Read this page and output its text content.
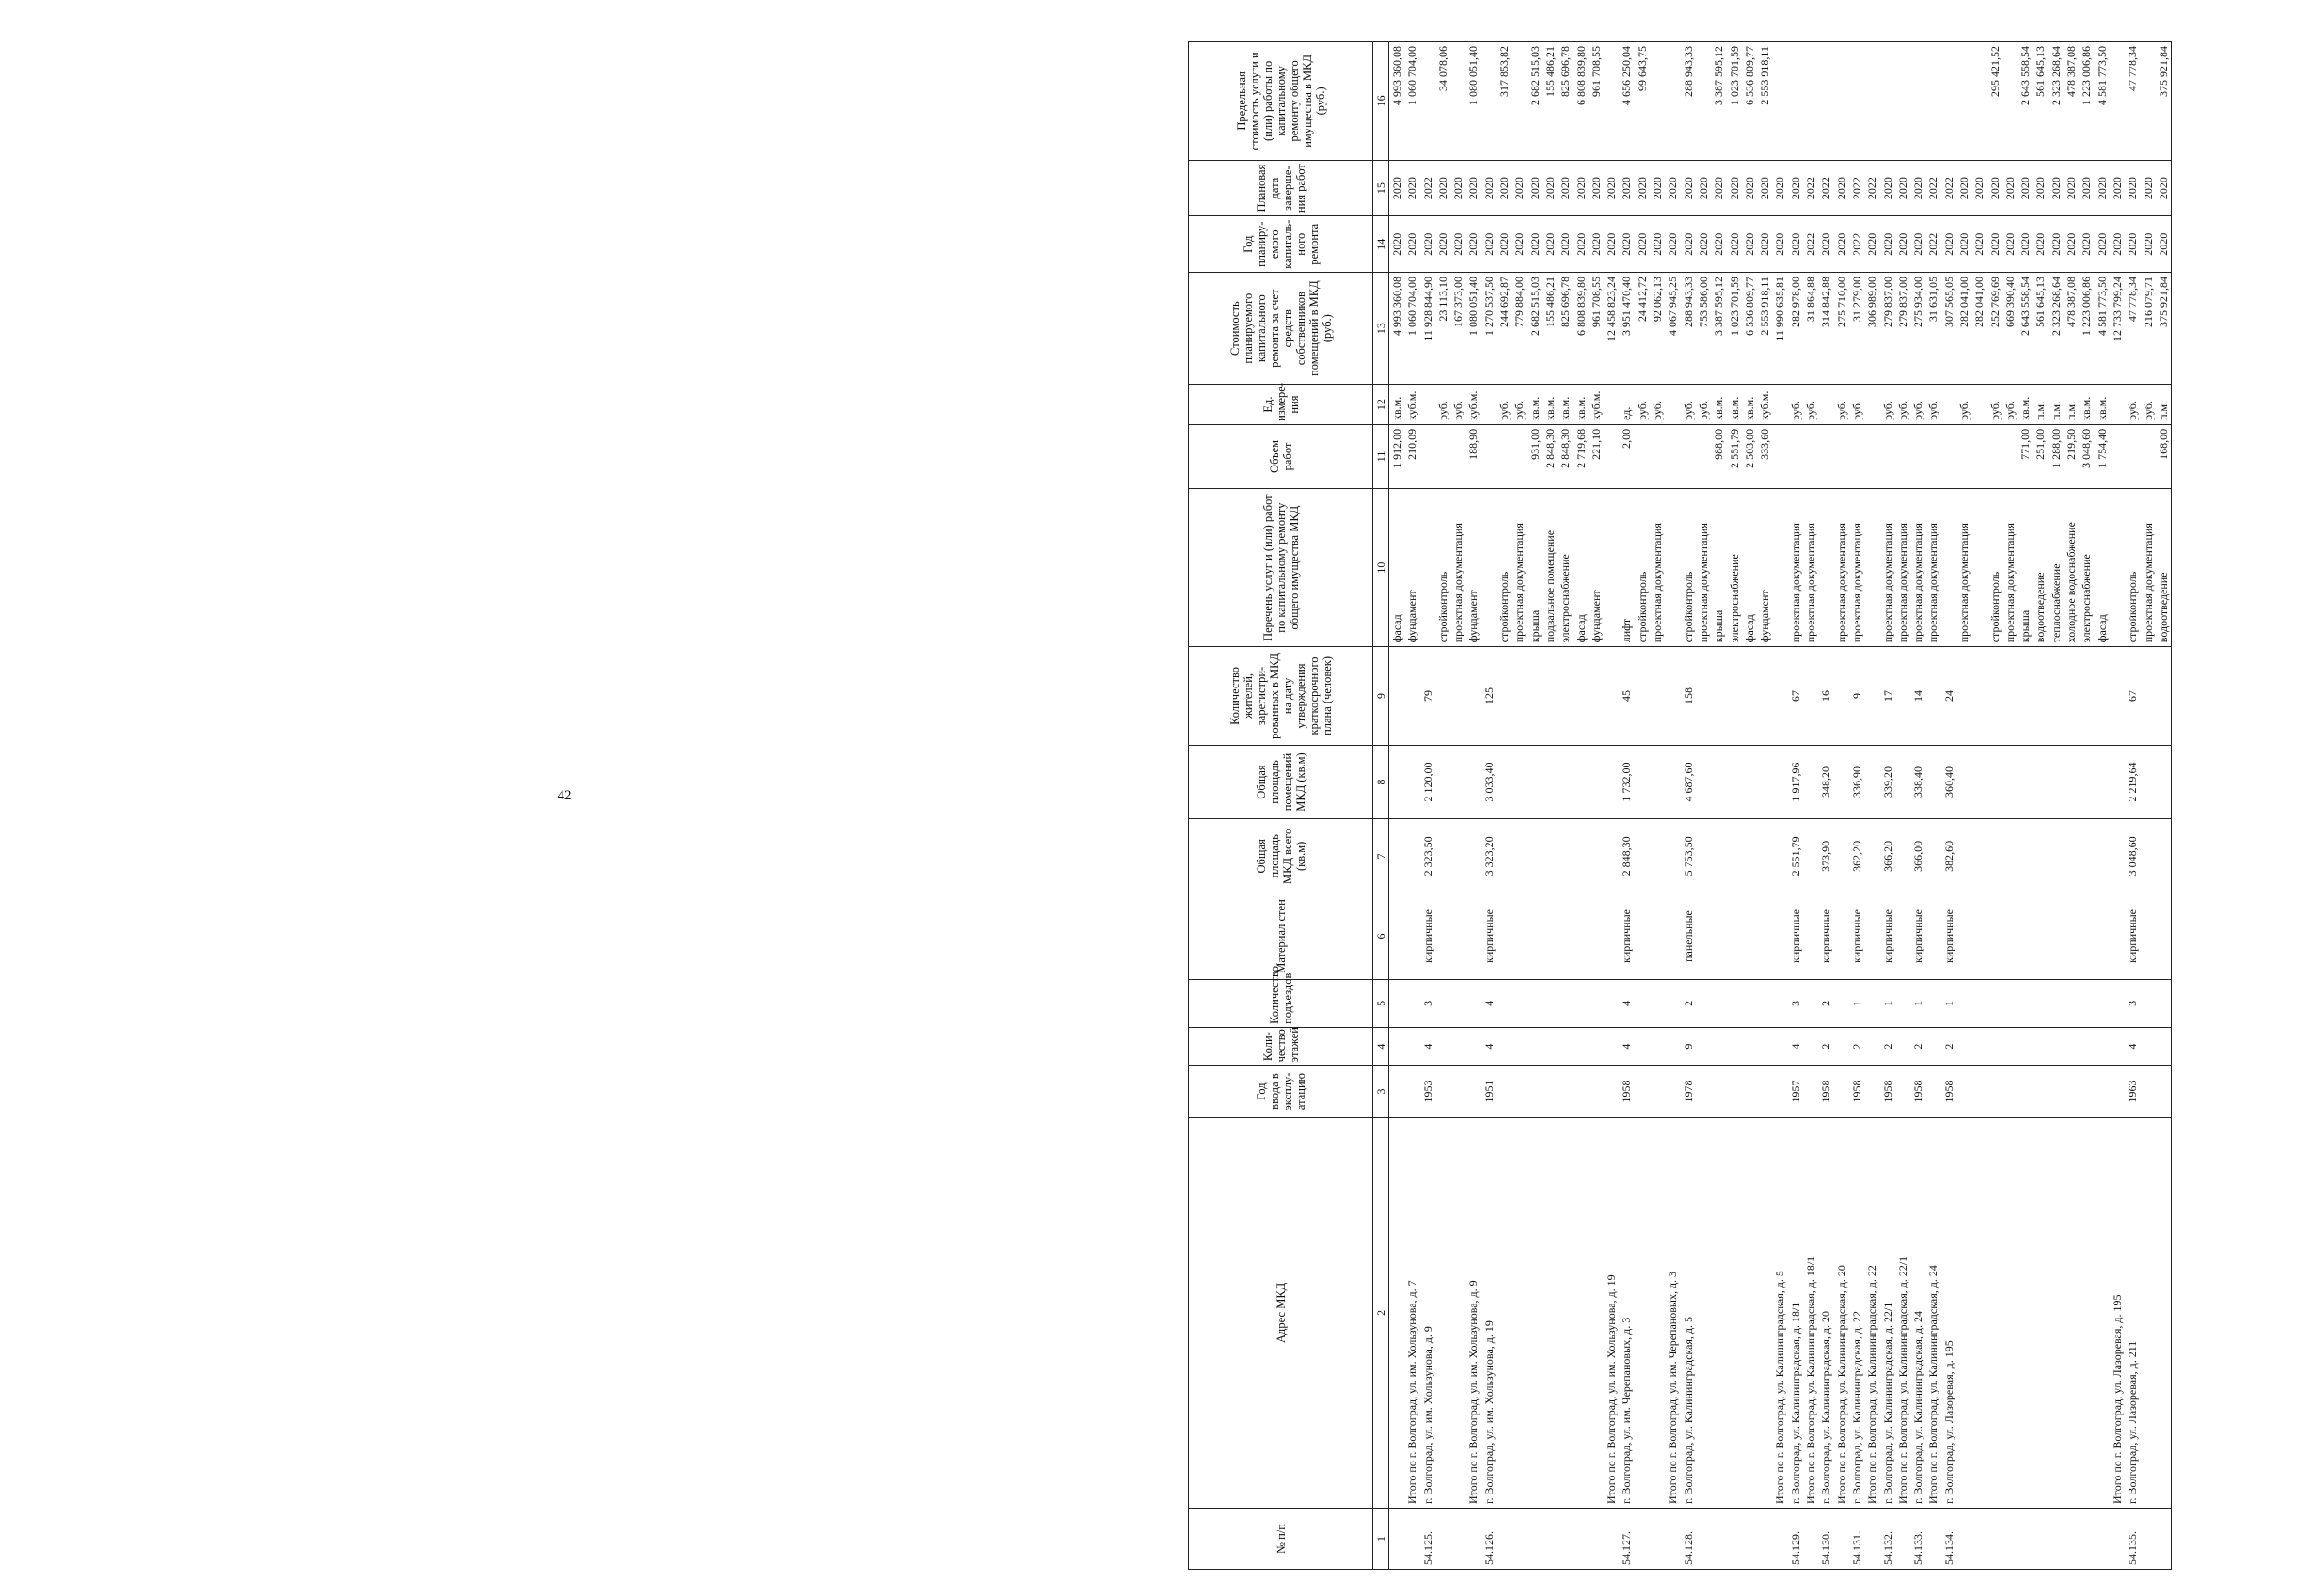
42
№ п/п	Адрес МКД	Год ввода в эксплу-атацию	Коли-чество этажей	Количество подъездов	Материал стен	Общая площадь МКД всего (кв.м)	Общая площадь помещений МКД (кв.м)	Количество жителей, зарегистри-рованных в МКД на дату утверждения краткосрочного плана (человек)	Перечень услуг и (или) работ по капитальному ремонту общего имущества МКД	Объем работ	Ед. измере-ния	Стоимость планируемого капитального ремонта за счет средств собственников помещений в МКД (руб.)	Год планиру-емого капиталь-ного ремонта	Плановая дата заверше-ния работ	Предельная стоимость услуги и (или) работы по капитальному ремонту общего имущества в МКД (руб.)
1	2	3	4	5	6	7	8	9	10	11	12	13	14	15	16
									фасад	1 912,00	кв.м.	4 993 360,08	2020	2020	4 993 360,08
	Итого по г. Волгоград, ул. им. Хользунова, д. 7								фундамент	210,09	куб.м.	1 060 704,00	2020	2020	1 060 704,00
54.125.	г. Волгоград, ул. им. Хользунова, д. 9	1953	4	3	кирпичные	2 323,50	2 120,00	79				11 928 844,90	2020	2022	
									стройконтроль		руб.	23 113,10	2020	2020	34 078,06
									проектная документация		руб.	167 373,00	2020	2020	
	Итого по г. Волгоград, ул. им. Хользунова, д. 9								фундамент	188,90	куб.м.	1 080 051,40	2020	2020	1 080 051,40
54.126.	г. Волгоград, ул. им. Хользунова, д. 19	1951	4	4	кирпичные	3 323,20	3 033,40	125				1 270 537,50	2020	2020	
									стройконтроль		руб.	244 692,87	2020	2020	317 853,82
									проектная документация		руб.	779 884,00	2020	2020	
									крыша	931,00	кв.м.	2 682 515,03	2020	2020	2 682 515,03
									подвальное помещение	2 848,30	кв.м.	155 486,21	2020	2020	155 486,21
									электроснабжение	2 848,30	кв.м.	825 696,78	2020	2020	825 696,78
									фасад	2 719,68	кв.м.	6 808 839,80	2020	2020	6 808 839,80
									фундамент	221,10	куб.м.	961 708,55	2020	2020	961 708,55
	Итого по г. Волгоград, ул. им. Хользунова, д. 19											12 458 823,24	2020	2020	
54.127.	г. Волгоград, ул. им. Черепановых, д. 3	1958	4	4	кирпичные	2 848,30	1 732,00	45	лифт	2,00	ед.	3 951 470,40	2020	2020	4 656 250,04
									стройконтроль		руб.	24 412,72	2020	2020	99 643,75
									проектная документация		руб.	92 062,13	2020	2020	
	Итого по г. Волгоград, ул. им. Черепановых, д. 3											4 067 945,25	2020	2020	
54.128.	г. Волгоград, ул. Калининградская, д. 5	1978	9	2	панельные	5 753,50	4 687,60	158	стройконтроль		руб.	288 943,33	2020	2020	288 943,33
									проектная документация		руб.	753 586,00	2020	2020	
									крыша	988,00	кв.м.	3 387 595,12	2020	2020	3 387 595,12
									электроснабжение	2 551,79	кв.м.	1 023 701,59	2020	2020	1 023 701,59
									фасад	2 503,00	кв.м.	6 536 809,77	2020	2020	6 536 809,77
									фундамент	333,60	куб.м.	2 553 918,11	2020	2020	2 553 918,11
	Итого по г. Волгоград, ул. Калининградская, д. 5											11 990 635,81	2020	2020	
54.129.	г. Волгоград, ул. Калининградская, д. 18/1	1957	4	3	кирпичные	2 551,79	1 917,96	67	проектная документация		руб.	282 978,00	2020	2020	
	Итого по г. Волгоград, ул. Калининградская, д. 18/1								проектная документация		руб.	31 864,88	2022	2022	
54.130.	г. Волгоград, ул. Калининградская, д. 20	1958	2	2	кирпичные	373,90	348,20	16				314 842,88	2020	2022	
	Итого по г. Волгоград, ул. Калининградская, д. 20								проектная документация		руб.	275 710,00	2020	2020	
54.131.	г. Волгоград, ул. Калининградская, д. 22	1958	2	1	кирпичные	362,20	336,90	9	проектная документация		руб.	31 279,00	2022	2022	
	Итого по г. Волгоград, ул. Калининградская, д. 22											306 989,00	2020	2022	
54.132.	г. Волгоград, ул. Калининградская, д. 22/1	1958	2	1	кирпичные	366,20	339,20	17	проектная документация		руб.	279 837,00	2020	2020	
	Итого по г. Волгоград, ул. Калининградская, д. 22/1								проектная документация		руб.	279 837,00	2020	2020	
54.133.	г. Волгоград, ул. Калининградская, д. 24	1958	2	1	кирпичные	366,00	338,40	14	проектная документация		руб.	275 934,00	2020	2020	
	Итого по г. Волгоград, ул. Калининградская, д. 24								проектная документация		руб.	31 631,05	2022	2022	
54.134.	г. Волгоград, ул. Лазоревая, д. 195	1958	2	1	кирпичные	382,60	360,40	24				307 565,05	2020	2022	
									проектная документация		руб.	282 041,00	2020	2020	
												282 041,00	2020	2020	
									стройконтроль		руб.	252 769,69	2020	2020	295 421,52
									проектная документация		руб.	669 390,40	2020	2020	
									крыша	771,00	кв.м.	2 643 558,54	2020	2020	2 643 558,54
									водоотведение	251,00	п.м.	561 645,13	2020	2020	561 645,13
									теплоснабжение	1 288,00	п.м.	2 323 268,64	2020	2020	2 323 268,64
									холодное водоснабжение	219,50	п.м.	478 387,08	2020	2020	478 387,08
									электроснабжение	3 048,60	кв.м.	1 223 006,86	2020	2020	1 223 006,86
									фасад	1 754,40	кв.м.	4 581 773,50	2020	2020	4 581 773,50
	Итого по г. Волгоград, ул. Лазоревая, д. 195											12 733 799,24	2020	2020	
54.135.	г. Волгоград, ул. Лазоревая, д. 211	1963	4	3	кирпичные	3 048,60	2 219,64	67	стройконтроль		руб.	47 778,34	2020	2020	47 778,34
									проектная документация		руб.	216 079,71	2020	2020	
									водоотведение	168,00	п.м.	375 921,84	2020	2020	375 921,84
